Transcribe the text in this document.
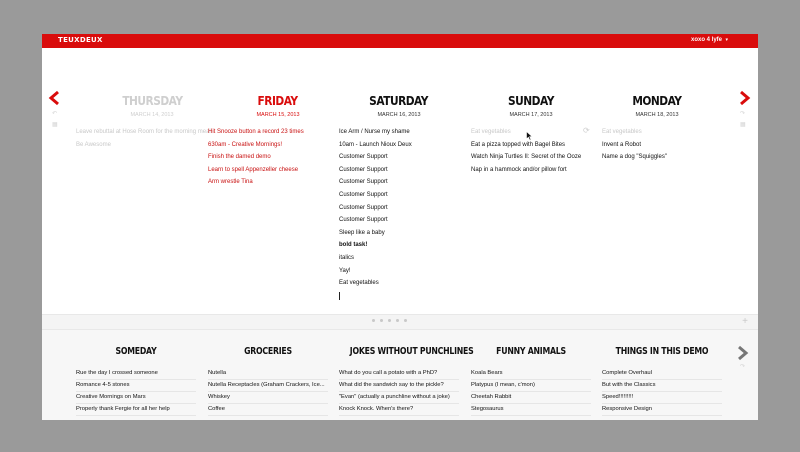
TEUXDEUX	xoxo 4 lyfe ▾
↶
▦
↷
▦
THURSDAY
MARCH 14, 2013
FRIDAY
MARCH 15, 2013
SATURDAY
MARCH 16, 2013
SUNDAY
MARCH 17, 2013
MONDAY
MARCH 18, 2013
Leave rebuttal at Hose Room for the morning meal
Be Awesome
Hit Snooze button a record 23 times
630am - Creative Mornings!
Finish the damed demo
Learn to spell Appenzeller cheese
Arm wrestle Tina
Ice Arm / Nurse my shame
10am - Launch Nioux Deux
Customer Support
Customer Support
Customer Support
Customer Support
Customer Support
Customer Support
Sleep like a baby
bold task!
italics
Yay!
Eat vegetables
Eat vegetables
Eat a pizza topped with Bagel Bites
Watch Ninja Turtles II: Secret of the Ooze
Nap in a hammock and/or pillow fort
⟳ Eat vegetables
Invent a Robot
Name a dog "Squiggles"
+
SOMEDAY
Rue the day I crossed someone
Romance 4-5 stones
Creative Mornings on Mars
Properly thank Fergie for all her help
GROCERIES
Nutella
Nutella Receptacles (Graham Crackers, Ice...
Whiskey
Coffee
JOKES WITHOUT PUNCHLINES
What do you call a potato with a PhD?
What did the sandwich say to the pickle?
"Evan" (actually a punchline without a joke)
Knock Knock. When's there?
FUNNY ANIMALS
Koala Bears
Platypus (I mean, c'mon)
Cheetah Rabbit
Stegosaurus
THINGS IN THIS DEMO
Complete Overhaul
But with the Classics
Speed!!!!!!!!!
Responsive Design
↷
